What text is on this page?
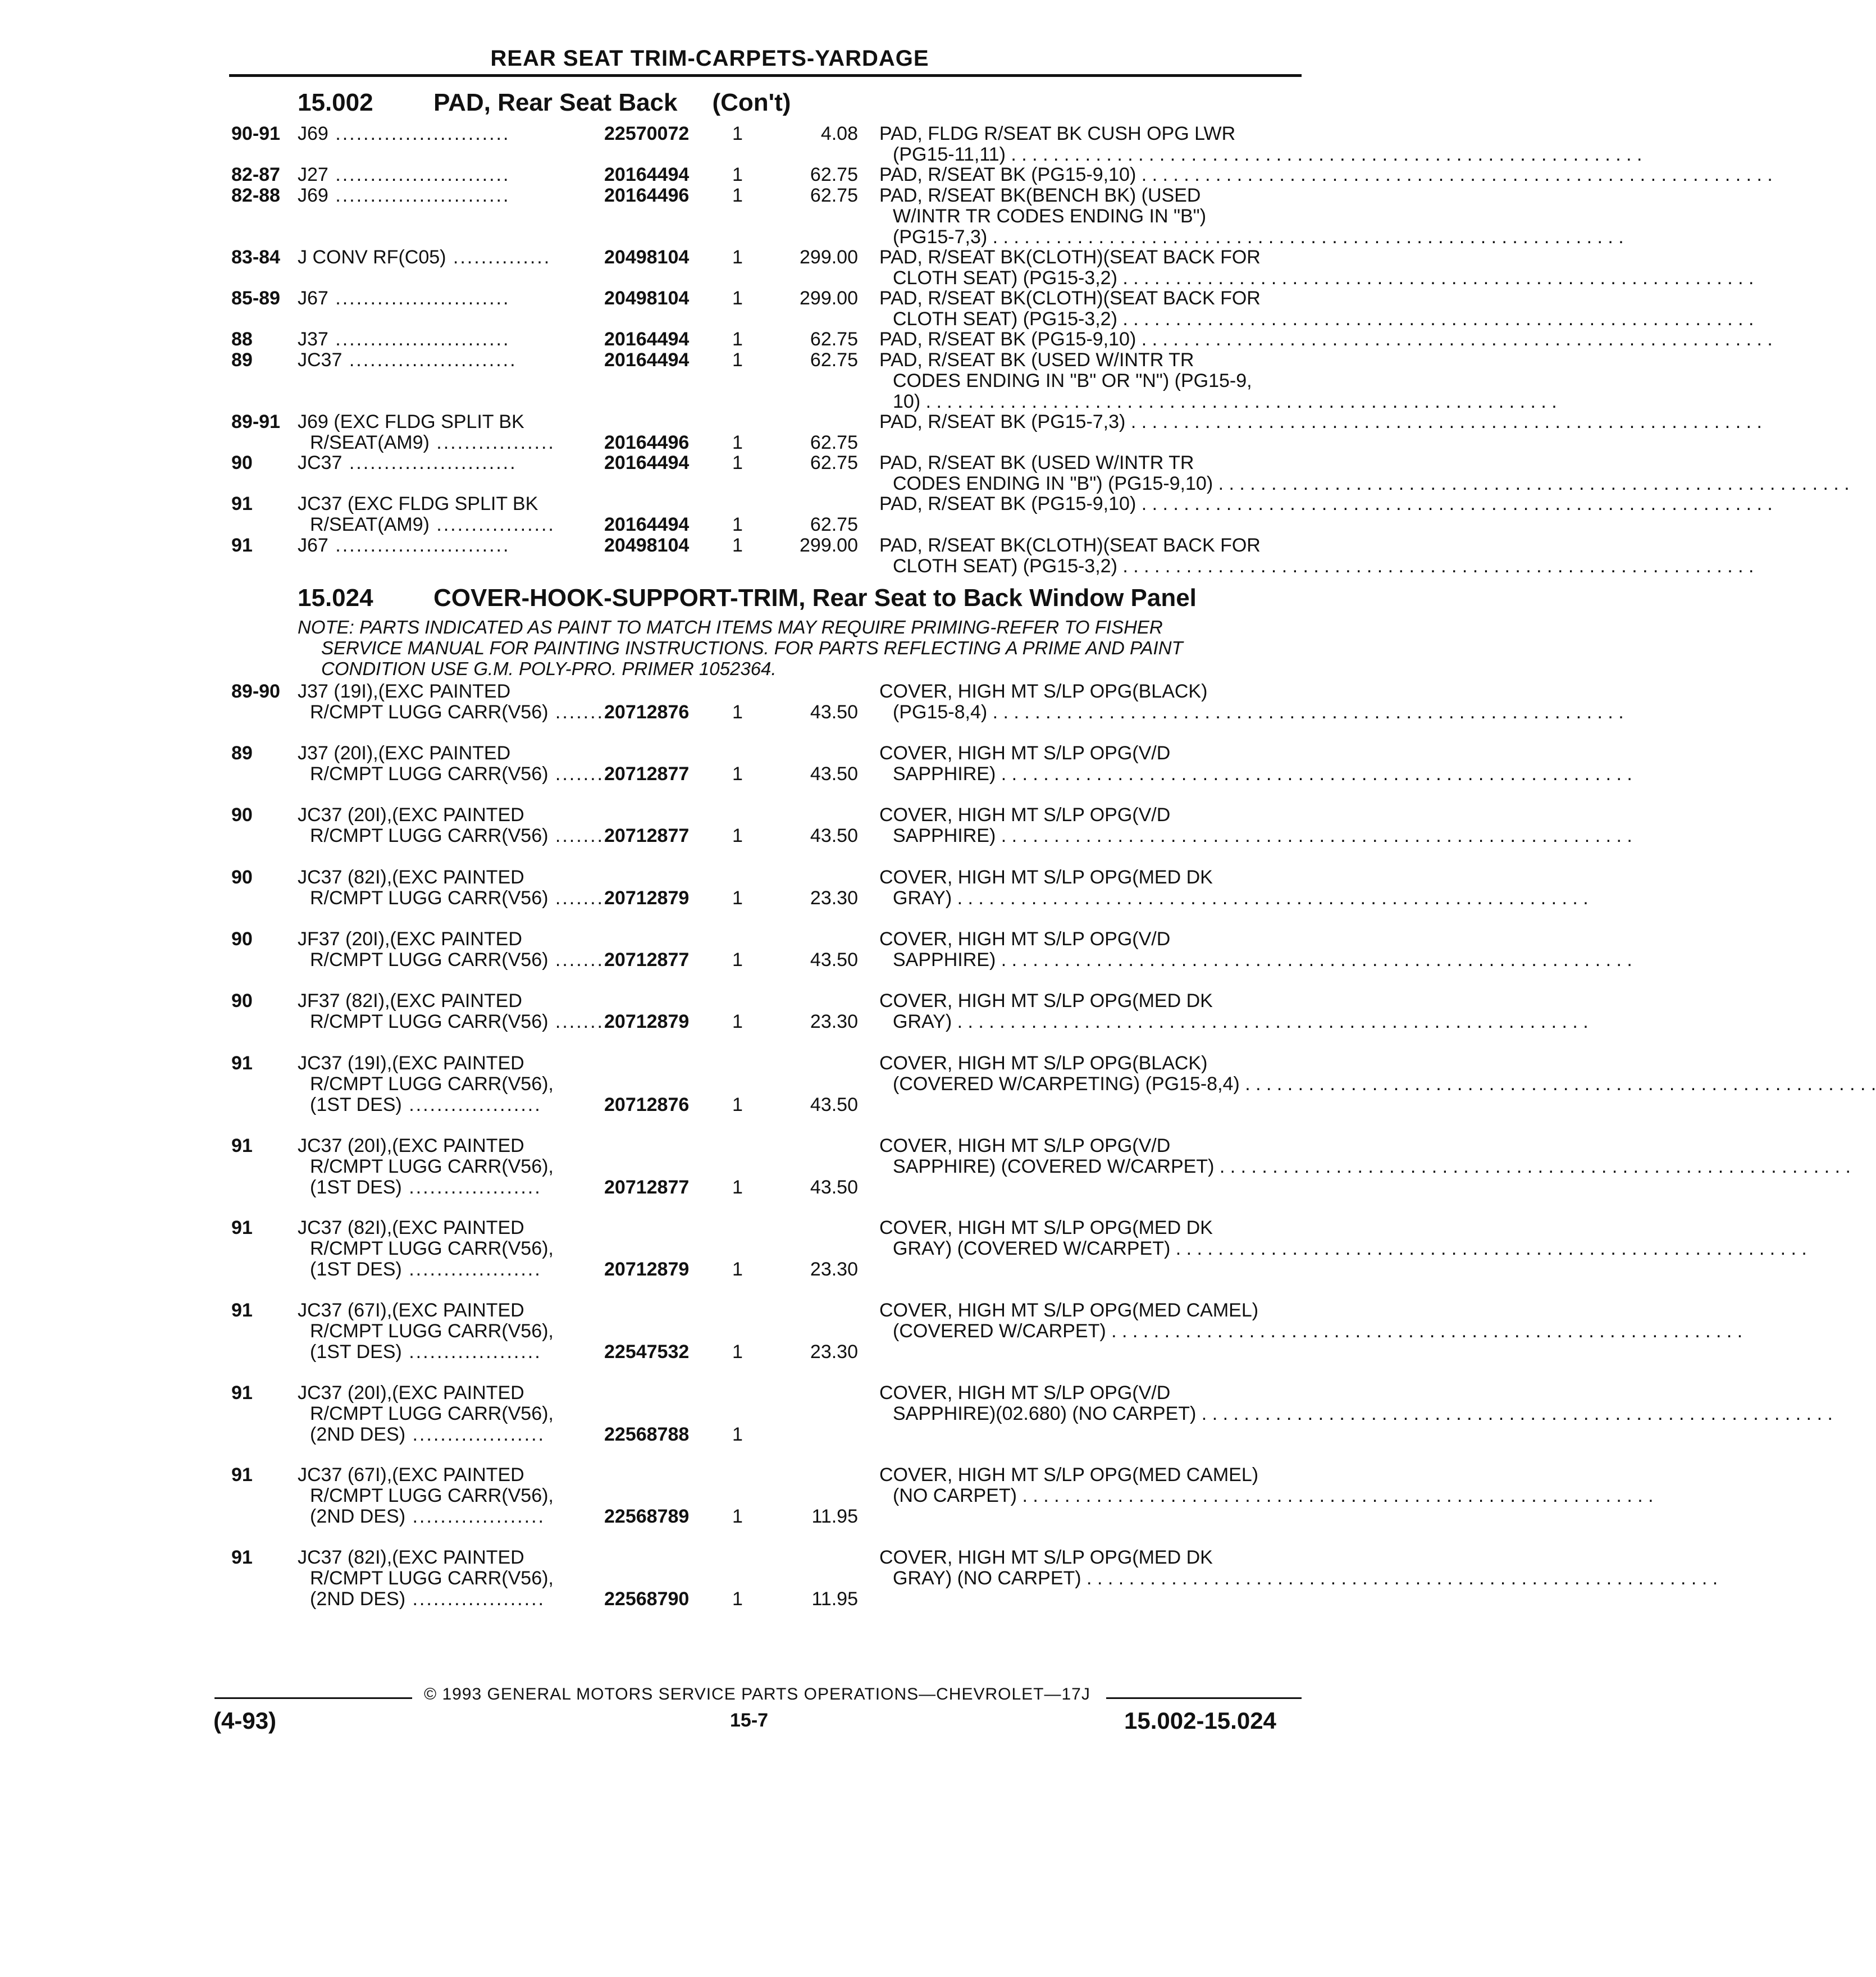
REAR SEAT TRIM-CARPETS-YARDAGE
15.002 PAD, Rear Seat Back (Con't)
90-91 J69 .........................	22570072 1	4.08 PAD, FLDG R/SEAT BK CUSH OPG LWR
(PG15-11,11) . . . . . . . . . . . . . . . . . . . . . . . . . . . . . . . . . . . . . . . . . . . . . . . . . . . . . . . . . . . .
82-87 J27 .........................	20164494 1	62.75 PAD, R/SEAT BK (PG15-9,10) . . . . . . . . . . . . . . . . . . . . . . . . . . . . . . . . . . . . . . . . . . . . . . . . . . . . . . . . . . . .
82-88 J69 .........................	20164496 1	62.75 PAD, R/SEAT BK(BENCH BK) (USED
W/INTR TR CODES ENDING IN "B")
(PG15-7,3) . . . . . . . . . . . . . . . . . . . . . . . . . . . . . . . . . . . . . . . . . . . . . . . . . . . . . . . . . . . .
83-84 J CONV RF(C05) ..............	20498104 1	299.00 PAD, R/SEAT BK(CLOTH)(SEAT BACK FOR
CLOTH SEAT) (PG15-3,2) . . . . . . . . . . . . . . . . . . . . . . . . . . . . . . . . . . . . . . . . . . . . . . . . . . . . . . . . . . . .
85-89 J67 .........................	20498104 1	299.00 PAD, R/SEAT BK(CLOTH)(SEAT BACK FOR
CLOTH SEAT) (PG15-3,2) . . . . . . . . . . . . . . . . . . . . . . . . . . . . . . . . . . . . . . . . . . . . . . . . . . . . . . . . . . . .
88 J37 .........................	20164494 1	62.75 PAD, R/SEAT BK (PG15-9,10) . . . . . . . . . . . . . . . . . . . . . . . . . . . . . . . . . . . . . . . . . . . . . . . . . . . . . . . . . . . .
89 JC37 ........................	20164494 1	62.75 PAD, R/SEAT BK (USED W/INTR TR
CODES ENDING IN "B" OR "N") (PG15-9,
10) . . . . . . . . . . . . . . . . . . . . . . . . . . . . . . . . . . . . . . . . . . . . . . . . . . . . . . . . . . . .
89-91 J69 (EXC FLDG SPLIT BK	PAD, R/SEAT BK (PG15-7,3) . . . . . . . . . . . . . . . . . . . . . . . . . . . . . . . . . . . . . . . . . . . . . . . . . . . . . . . . . . . .
R/SEAT(AM9) .................	20164496 1	62.75
90 JC37 ........................	20164494 1	62.75 PAD, R/SEAT BK (USED W/INTR TR
CODES ENDING IN "B") (PG15-9,10) . . . . . . . . . . . . . . . . . . . . . . . . . . . . . . . . . . . . . . . . . . . . . . . . . . . . . . . . . . . .
91 JC37 (EXC FLDG SPLIT BK	PAD, R/SEAT BK (PG15-9,10) . . . . . . . . . . . . . . . . . . . . . . . . . . . . . . . . . . . . . . . . . . . . . . . . . . . . . . . . . . . .
R/SEAT(AM9) .................	20164494 1	62.75
91 J67 .........................	20498104 1	299.00 PAD, R/SEAT BK(CLOTH)(SEAT BACK FOR
CLOTH SEAT) (PG15-3,2) . . . . . . . . . . . . . . . . . . . . . . . . . . . . . . . . . . . . . . . . . . . . . . . . . . . . . . . . . . . .
15.024 COVER-HOOK-SUPPORT-TRIM, Rear Seat to Back Window Panel
NOTE: PARTS INDICATED AS PAINT TO MATCH ITEMS MAY REQUIRE PRIMING-REFER TO FISHER
SERVICE MANUAL FOR PAINTING INSTRUCTIONS. FOR PARTS REFLECTING A PRIME AND PAINT
CONDITION USE G.M. POLY-PRO. PRIMER 1052364.
89-90 J37 (19I),(EXC PAINTED	COVER, HIGH MT S/LP OPG(BLACK)
R/CMPT LUGG CARR(V56) ....... 20712876 1	43.50 (PG15-8,4) . . . . . . . . . . . . . . . . . . . . . . . . . . . . . . . . . . . . . . . . . . . . . . . . . . . . . . . . . . . .
89 J37 (20I),(EXC PAINTED	COVER, HIGH MT S/LP OPG(V/D
R/CMPT LUGG CARR(V56) ....... 20712877 1	43.50 SAPPHIRE) . . . . . . . . . . . . . . . . . . . . . . . . . . . . . . . . . . . . . . . . . . . . . . . . . . . . . . . . . . . .
90 JC37 (20I),(EXC PAINTED	COVER, HIGH MT S/LP OPG(V/D
R/CMPT LUGG CARR(V56) ....... 20712877 1	43.50 SAPPHIRE) . . . . . . . . . . . . . . . . . . . . . . . . . . . . . . . . . . . . . . . . . . . . . . . . . . . . . . . . . . . .
90 JC37 (82I),(EXC PAINTED	COVER, HIGH MT S/LP OPG(MED DK
R/CMPT LUGG CARR(V56) ....... 20712879 1	23.30 GRAY) . . . . . . . . . . . . . . . . . . . . . . . . . . . . . . . . . . . . . . . . . . . . . . . . . . . . . . . . . . . .
90 JF37 (20I),(EXC PAINTED	COVER, HIGH MT S/LP OPG(V/D
R/CMPT LUGG CARR(V56) ....... 20712877 1	43.50 SAPPHIRE) . . . . . . . . . . . . . . . . . . . . . . . . . . . . . . . . . . . . . . . . . . . . . . . . . . . . . . . . . . . .
90 JF37 (82I),(EXC PAINTED	COVER, HIGH MT S/LP OPG(MED DK
R/CMPT LUGG CARR(V56) ....... 20712879 1	23.30 GRAY) . . . . . . . . . . . . . . . . . . . . . . . . . . . . . . . . . . . . . . . . . . . . . . . . . . . . . . . . . . . .
91 JC37 (19I),(EXC PAINTED	COVER, HIGH MT S/LP OPG(BLACK)
R/CMPT LUGG CARR(V56),	(COVERED W/CARPETING) (PG15-8,4) . . . . . . . . . . . . . . . . . . . . . . . . . . . . . . . . . . . . . . . . . . . . . . . . . . . . . . . . . . . .
(1ST DES) ...................	20712876 1	43.50
91 JC37 (20I),(EXC PAINTED	COVER, HIGH MT S/LP OPG(V/D
R/CMPT LUGG CARR(V56),	SAPPHIRE) (COVERED W/CARPET) . . . . . . . . . . . . . . . . . . . . . . . . . . . . . . . . . . . . . . . . . . . . . . . . . . . . . . . . . . . .
(1ST DES) ...................	20712877 1	43.50
91 JC37 (82I),(EXC PAINTED	COVER, HIGH MT S/LP OPG(MED DK
R/CMPT LUGG CARR(V56),	GRAY) (COVERED W/CARPET) . . . . . . . . . . . . . . . . . . . . . . . . . . . . . . . . . . . . . . . . . . . . . . . . . . . . . . . . . . . .
(1ST DES) ...................	20712879 1	23.30
91 JC37 (67I),(EXC PAINTED	COVER, HIGH MT S/LP OPG(MED CAMEL)
R/CMPT LUGG CARR(V56),	(COVERED W/CARPET) . . . . . . . . . . . . . . . . . . . . . . . . . . . . . . . . . . . . . . . . . . . . . . . . . . . . . . . . . . . .
(1ST DES) ...................	22547532 1	23.30
91 JC37 (20I),(EXC PAINTED	COVER, HIGH MT S/LP OPG(V/D
R/CMPT LUGG CARR(V56),	SAPPHIRE)(02.680) (NO CARPET) . . . . . . . . . . . . . . . . . . . . . . . . . . . . . . . . . . . . . . . . . . . . . . . . . . . . . . . . . . . .
(2ND DES) ...................	22568788 1
91 JC37 (67I),(EXC PAINTED	COVER, HIGH MT S/LP OPG(MED CAMEL)
R/CMPT LUGG CARR(V56),	(NO CARPET) . . . . . . . . . . . . . . . . . . . . . . . . . . . . . . . . . . . . . . . . . . . . . . . . . . . . . . . . . . . .
(2ND DES) ...................	22568789 1	11.95
91 JC37 (82I),(EXC PAINTED	COVER, HIGH MT S/LP OPG(MED DK
R/CMPT LUGG CARR(V56),	GRAY) (NO CARPET) . . . . . . . . . . . . . . . . . . . . . . . . . . . . . . . . . . . . . . . . . . . . . . . . . . . . . . . . . . . .
(2ND DES) ...................	22568790 1	11.95
© 1993 GENERAL MOTORS SERVICE PARTS OPERATIONS—CHEVROLET—17J
(4-93)	15-7	15.002-15.024
